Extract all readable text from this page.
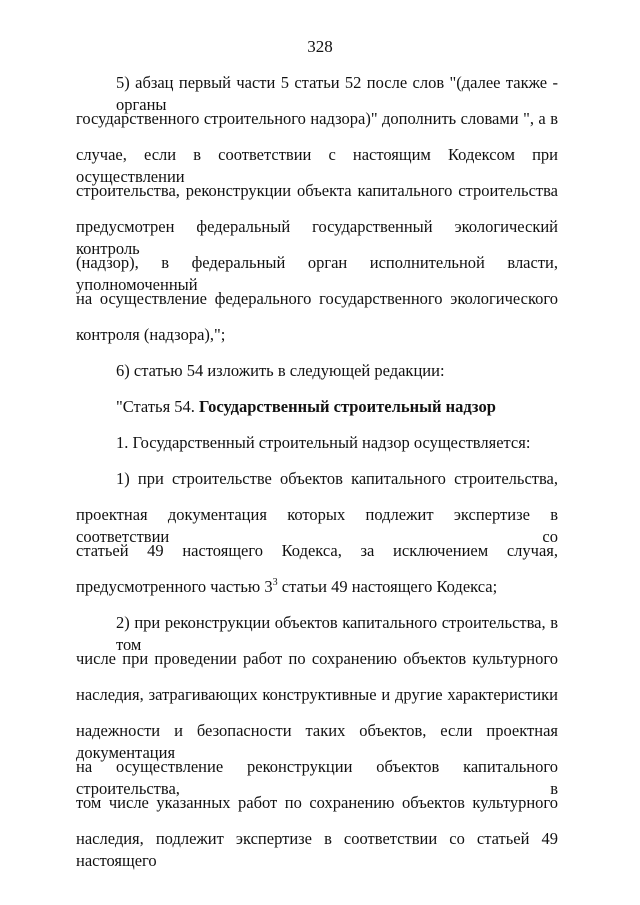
328
5) абзац первый части 5 статьи 52 после слов "(далее также - органы
государственного строительного надзора)" дополнить словами ", а в
случае, если в соответствии с настоящим Кодексом при осуществлении
строительства, реконструкции объекта капитального строительства
предусмотрен федеральный государственный экологический контроль
(надзор), в федеральный орган исполнительной власти, уполномоченный
на осуществление федерального государственного экологического
контроля (надзора),";
6) статью 54 изложить в следующей редакции:
"Статья 54. Государственный строительный надзор
1. Государственный строительный надзор осуществляется:
1) при строительстве объектов капитального строительства,
проектная документация которых подлежит экспертизе в соответствии со
статьей 49 настоящего Кодекса, за исключением случая,
предусмотренного частью $3^3$ статьи 49 настоящего Кодекса;
2) при реконструкции объектов капитального строительства, в том
числе при проведении работ по сохранению объектов культурного
наследия, затрагивающих конструктивные и другие характеристики
надежности и безопасности таких объектов, если проектная документация
на осуществление реконструкции объектов капитального строительства, в
том числе указанных работ по сохранению объектов культурного
наследия, подлежит экспертизе в соответствии со статьей 49 настоящего
